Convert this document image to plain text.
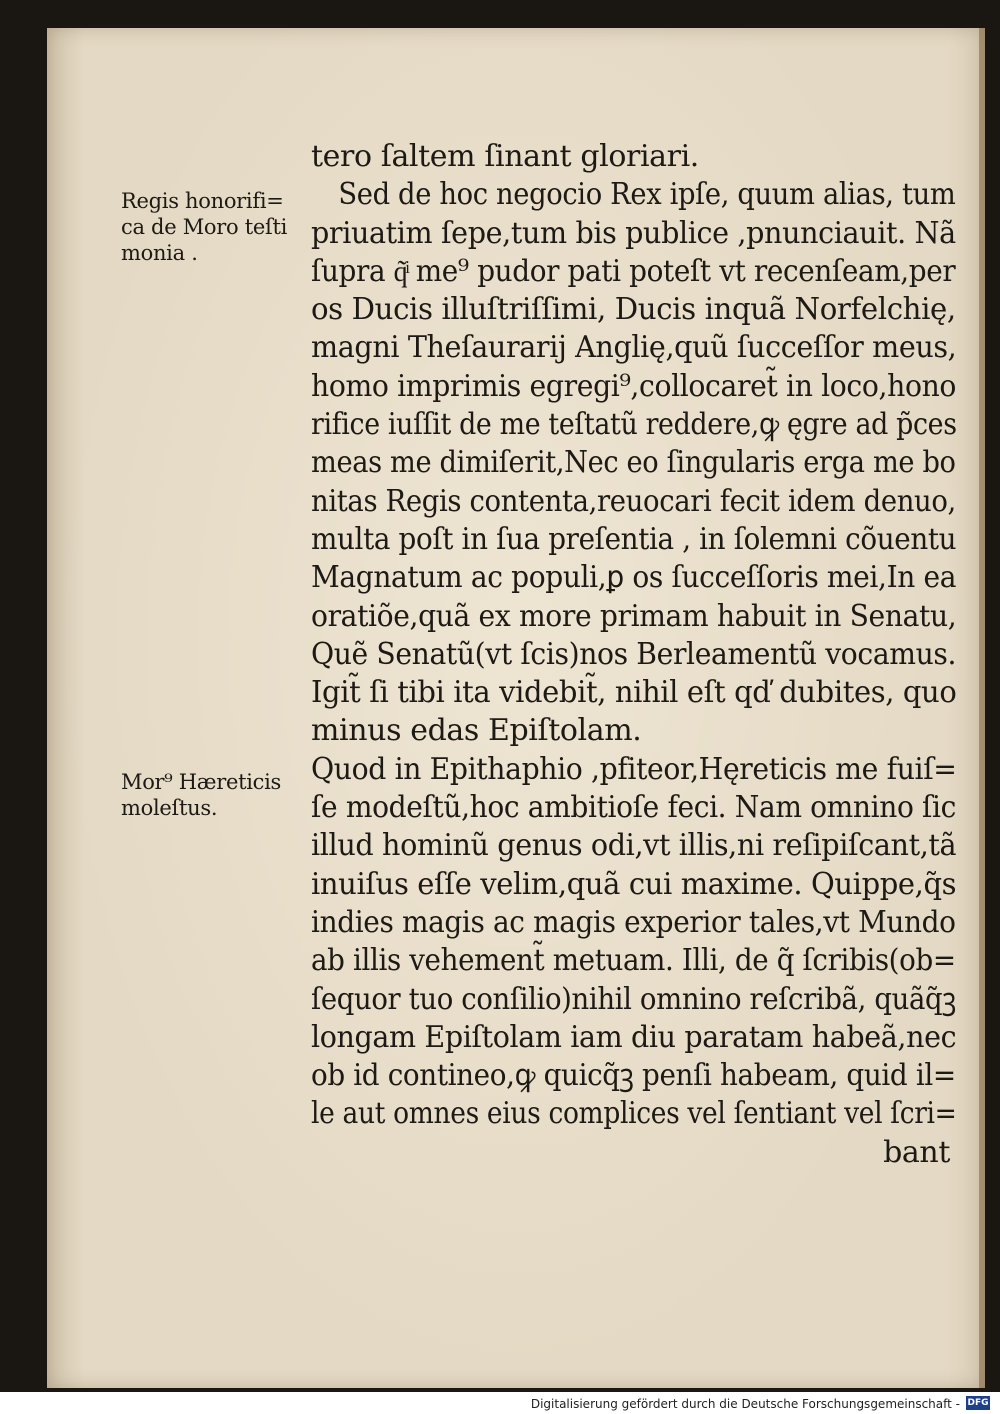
Regis honorifi=
ca de Moro teſti
monia .
Mor⁹ Hæreticis
moleſtus.
tero ſaltem ſinant gloriari.
Sed de hoc negocio Rex ipſe, quum alias, tum
priuatim ſepe,tum bis publice ,pnunciauit. Nã
ſupra q̃ͥ me⁹ pudor pati poteſt vt recenſeam,per
os Ducis illuſtriſſimi, Ducis inquã Norfelchię,
magni Theſaurarij Anglię,quũ ſucceſſor meus,
homo imprimis egregi⁹,collocaret̃ in loco,hono
rifice iuſſit de me teſtatũ reddere,ꝙ ęgre ad p̃ces
meas me dimiſerit,Nec eo ſingularis erga me bo
nitas Regis contenta,reuocari fecit idem denuo,
multa poſt in ſua preſentia , in ſolemni cõuentu
Magnatum ac populi,ꝑ os ſucceſſoris mei,In ea
oratiõe,quã ex more primam habuit in Senatu,
Quẽ Senatũ(vt ſcis)nos Berleamentũ vocamus.
Igit̃ ſi tibi ita videbit̃, nihil eſt qď dubites, quo
minus edas Epiſtolam.
Quod in Epithaphio ,pfiteor,Hęreticis me fuiſ=
ſe modeſtũ,hoc ambitioſe feci. Nam omnino ſic
illud hominũ genus odi,vt illis,ni reſipiſcant,tã
inuiſus eſſe velim,quã cui maxime. Quippe,q̃s
indies magis ac magis experior tales,vt Mundo
ab illis vehement̃ metuam. Illi, de q̃ ſcribis(ob=
ſequor tuo conſilio)nihil omnino reſcribã, quãq̃ꝫ
longam Epiſtolam iam diu paratam habeã,nec
ob id contineo,ꝙ quicq̃ꝫ penſi habeam, quid il=
le aut omnes eius complices vel ſentiant vel ſcri=
bant
Digitalisierung gefördert durch die Deutsche Forschungsgemeinschaft - DFG
